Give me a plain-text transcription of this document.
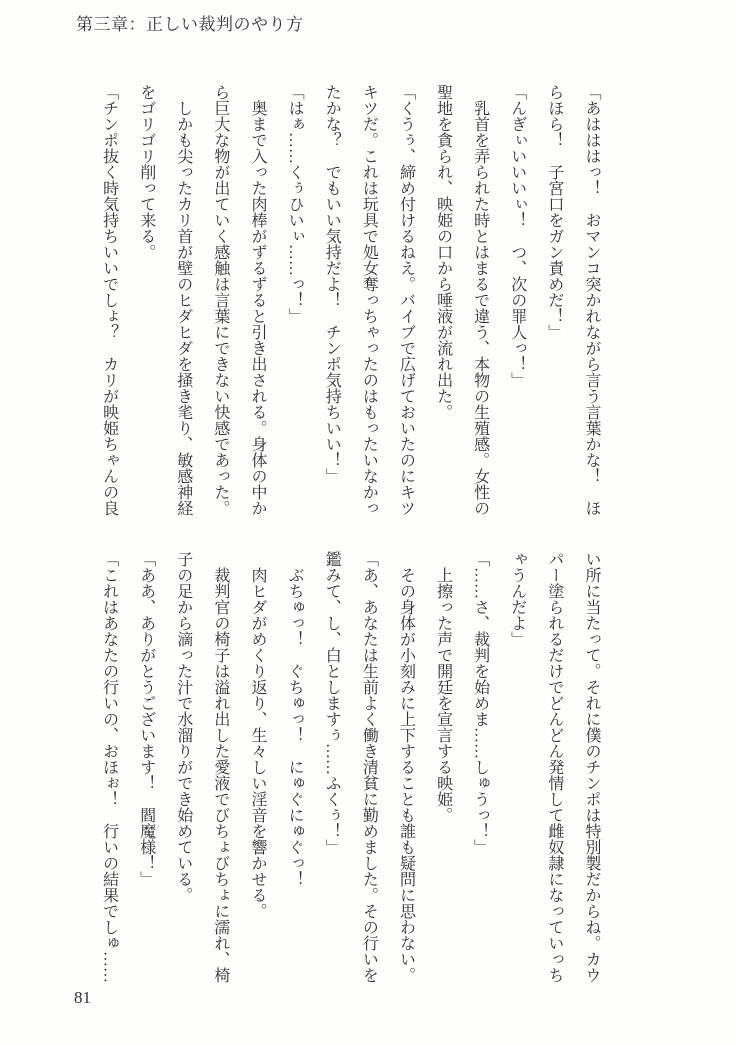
第三章：正しい裁判のやり方

「あはははっ！　おマンコ突かれながら言う言葉かな！　ほらほら！　子宮口をガン責めだ！」

「んぎぃいいいぃ！　つ、次の罪人っ！」

乳首を弄られた時とはまるで違う、本物の生殖感。女性の聖地を貪られ、映姫の口から唾液が流れ出た。

「くうぅ、締め付けるねえ。バイブで広げておいたのにキツキツだ。これは玩具で処女奪っちゃったのはもったいなかったかな？　でもいい気持だよ！　チンポ気持ちいい！」

「はぁ……くぅひいぃ……っ！」

奥まで入った肉棒がずるずると引き出される。身体の中から巨大な物が出ていく感触は言葉にできない快感であった。

しかも尖ったカリ首が壁のヒダヒダを掻き毟り、敏感神経をゴリゴリ削って来る。

「チンポ抜く時気持ちいいでしょ？　カリが映姫ちゃんの良

い所に当たって。それに僕のチンポは特別製だからね。カウパー塗られるだけでどんどん発情して雌奴隷になっていっちゃうんだよ」

「……さ、裁判を始めま……しゅうっ！」

上擦った声で開廷を宣言する映姫。

その身体が小刻みに上下することも誰も疑問に思わない。

「あ、あなたは生前よく働き清貧に勤めました。その行いを鑑みて、し、白としますぅ……ふくぅ！」

ぶちゅっ！　ぐちゅっ！　にゅぐにゅぐっ！

肉ヒダがめくり返り、生々しい淫音を響かせる。

裁判官の椅子は溢れ出した愛液でびちょびちょに濡れ、椅子の足から滴った汁で水溜りができ始めている。

「ああ、ありがとうございます！　閻魔様！」

「これはあなたの行いの、おほぉ！　行いの結果でしゅ……

81
